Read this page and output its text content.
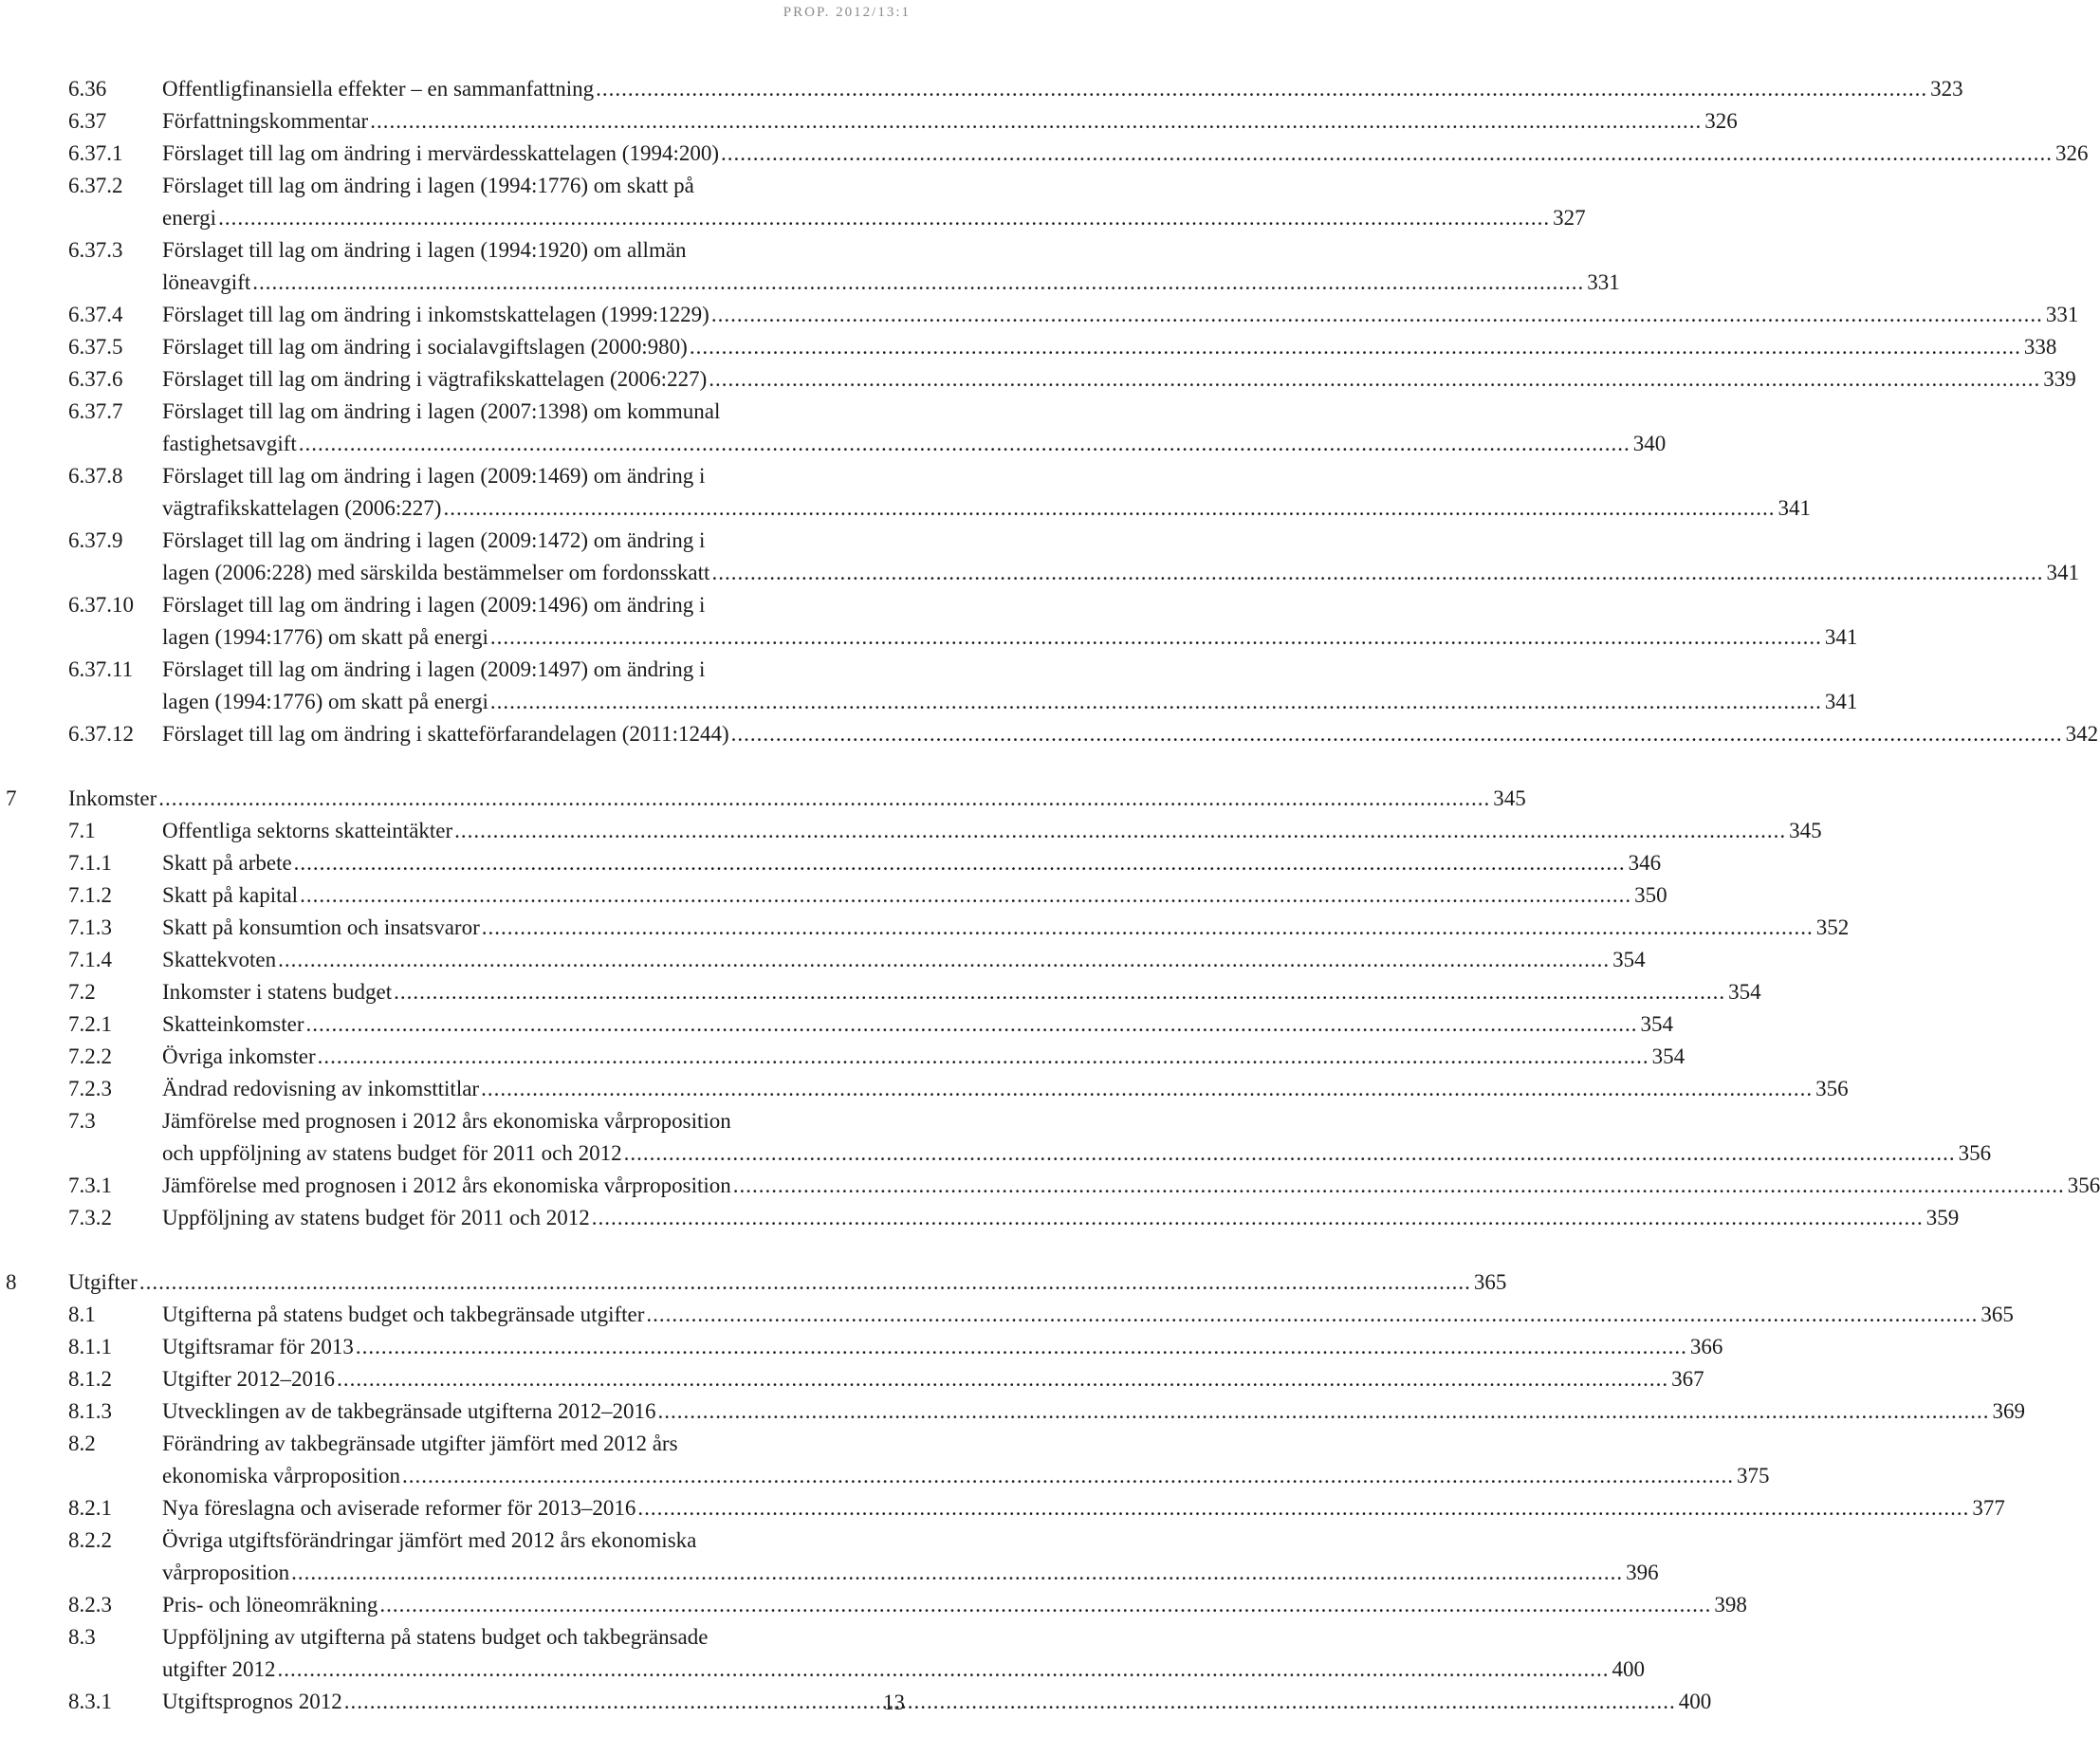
PROP. 2012/13:1
6.36	Offentligfinansiella effekter – en sammanfattning .....	323
6.37	Författningskommentar .....	326
6.37.1 Förslaget till lag om ändring i mervärdesskattelagen (1994:200) .....	326
6.37.2 Förslaget till lag om ändring i lagen (1994:1776) om skatt på
energi .....	327
6.37.3 Förslaget till lag om ändring i lagen (1994:1920) om allmän
löneavgift .....	331
6.37.4 Förslaget till lag om ändring i inkomstskattelagen (1999:1229) .....	331
6.37.5 Förslaget till lag om ändring i socialavgiftslagen (2000:980) .....	338
6.37.6 Förslaget till lag om ändring i vägtrafikskattelagen (2006:227) .....	339
6.37.7 Förslaget till lag om ändring i lagen (2007:1398) om kommunal
fastighetsavgift .....	340
6.37.8 Förslaget till lag om ändring i lagen (2009:1469) om ändring i
vägtrafikskattelagen (2006:227) .....	341
6.37.9 Förslaget till lag om ändring i lagen (2009:1472) om ändring i
lagen (2006:228) med särskilda bestämmelser om fordonsskatt .....	341
6.37.10 Förslaget till lag om ändring i lagen (2009:1496) om ändring i
lagen (1994:1776) om skatt på energi .....	341
6.37.11 Förslaget till lag om ändring i lagen (2009:1497) om ändring i
lagen (1994:1776) om skatt på energi .....	341
6.37.12 Förslaget till lag om ändring i skatteförfarandelagen (2011:1244) .....	342
7 Inkomster .....	345
7.1	Offentliga sektorns skatteintäkter .....	345
7.1.1 Skatt på arbete .....	346
7.1.2 Skatt på kapital .....	350
7.1.3 Skatt på konsumtion och insatsvaror .....	352
7.1.4 Skattekvoten .....	354
7.2	Inkomster i statens budget .....	354
7.2.1 Skatteinkomster .....	354
7.2.2 Övriga inkomster .....	354
7.2.3 Ändrad redovisning av inkomsttitlar .....	356
7.3	Jämförelse med prognosen i 2012 års ekonomiska vårproposition
och uppföljning av statens budget för 2011 och 2012 .....	356
7.3.1 Jämförelse med prognosen i 2012 års ekonomiska vårproposition .....	356
7.3.2 Uppföljning av statens budget för 2011 och 2012 .....	359
8 Utgifter .....	365
8.1	Utgifterna på statens budget och takbegränsade utgifter .....	365
8.1.1 Utgiftsramar för 2013 .....	366
8.1.2 Utgifter 2012–2016 .....	367
8.1.3 Utvecklingen av de takbegränsade utgifterna 2012–2016 .....	369
8.2	Förändring av takbegränsade utgifter jämfört med 2012 års
ekonomiska vårproposition .....	375
8.2.1 Nya föreslagna och aviserade reformer för 2013–2016 .....	377
8.2.2 Övriga utgiftsförändringar jämfört med 2012 års ekonomiska
vårproposition .....	396
8.2.3 Pris- och löneomräkning .....	398
8.3	Uppföljning av utgifterna på statens budget och takbegränsade
utgifter 2012 .....	400
8.3.1 Utgiftsprognos 2012 .....	400
13
